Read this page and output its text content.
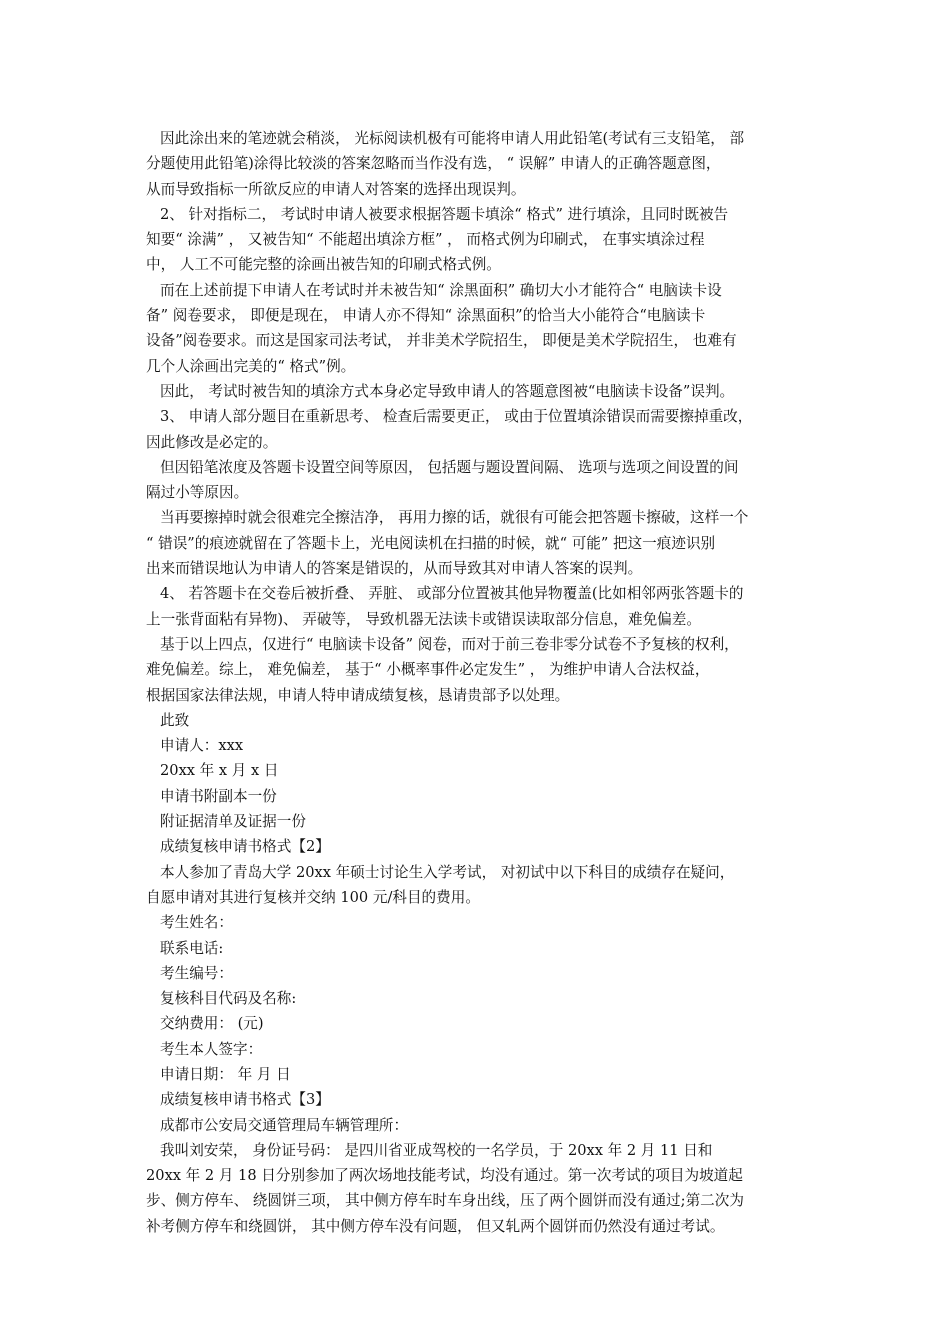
因此涂出来的笔迹就会稍淡， 光标阅读机极有可能将申请人用此铅笔(考试有三支铅笔， 部
分题使用此铅笔)涂得比较淡的答案忽略而当作没有选， “ 误解” 申请人的正确答题意图，
从而导致指标一所欲反应的申请人对答案的选择出现误判。
2、 针对指标二， 考试时申请人被要求根据答题卡填涂“ 格式” 进行填涂，且同时既被告
知要“ 涂满” ， 又被告知“ 不能超出填涂方框” ， 而格式例为印刷式， 在事实填涂过程
中， 人工不可能完整的涂画出被告知的印刷式格式例。
而在上述前提下申请人在考试时并未被告知“ 涂黑面积” 确切大小才能符合“ 电脑读卡设
备” 阅卷要求， 即便是现在， 申请人亦不得知“ 涂黑面积”的恰当大小能符合“电脑读卡
设备”阅卷要求。而这是国家司法考试， 并非美术学院招生， 即便是美术学院招生， 也难有
几个人涂画出完美的“ 格式”例。
因此， 考试时被告知的填涂方式本身必定导致申请人的答题意图被“电脑读卡设备”误判。
3、 申请人部分题目在重新思考、 检查后需要更正， 或由于位置填涂错误而需要擦掉重改，
因此修改是必定的。
但因铅笔浓度及答题卡设置空间等原因， 包括题与题设置间隔、 选项与选项之间设置的间
隔过小等原因。
当再要擦掉时就会很难完全擦洁净， 再用力擦的话，就很有可能会把答题卡擦破，这样一个
“ 错误”的痕迹就留在了答题卡上，光电阅读机在扫描的时候，就“ 可能” 把这一痕迹识别
出来而错误地认为申请人的答案是错误的，从而导致其对申请人答案的误判。
4、 若答题卡在交卷后被折叠、 弄脏、 或部分位置被其他异物覆盖(比如相邻两张答题卡的
上一张背面粘有异物)、 弄破等， 导致机器无法读卡或错误读取部分信息，难免偏差。
基于以上四点，仅进行“ 电脑读卡设备” 阅卷，而对于前三卷非零分试卷不予复核的权利，
难免偏差。综上， 难免偏差， 基于“ 小概率事件必定发生” ， 为维护申请人合法权益，
根据国家法律法规，申请人特申请成绩复核，恳请贵部予以处理。
此致
申请人：xxx
20xx 年 x 月 x 日
申请书附副本一份
附证据清单及证据一份
成绩复核申请书格式【2】
本人参加了青岛大学 20xx 年硕士讨论生入学考试， 对初试中以下科目的成绩存在疑问，
自愿申请对其进行复核并交纳 100 元/科目的费用。
考生姓名：
联系电话:
考生编号：
复核科目代码及名称:
交纳费用： (元)
考生本人签字：
申请日期： 年 月 日
成绩复核申请书格式【3】
成都市公安局交通管理局车辆管理所：
我叫刘安荣， 身份证号码： 是四川省亚成驾校的一名学员，于 20xx 年 2 月 11 日和
20xx 年 2 月 18 日分别参加了两次场地技能考试，均没有通过。第一次考试的项目为坡道起
步、侧方停车、 绕圆饼三项， 其中侧方停车时车身出线，压了两个圆饼而没有通过;第二次为
补考侧方停车和绕圆饼， 其中侧方停车没有问题， 但又轧两个圆饼而仍然没有通过考试。
